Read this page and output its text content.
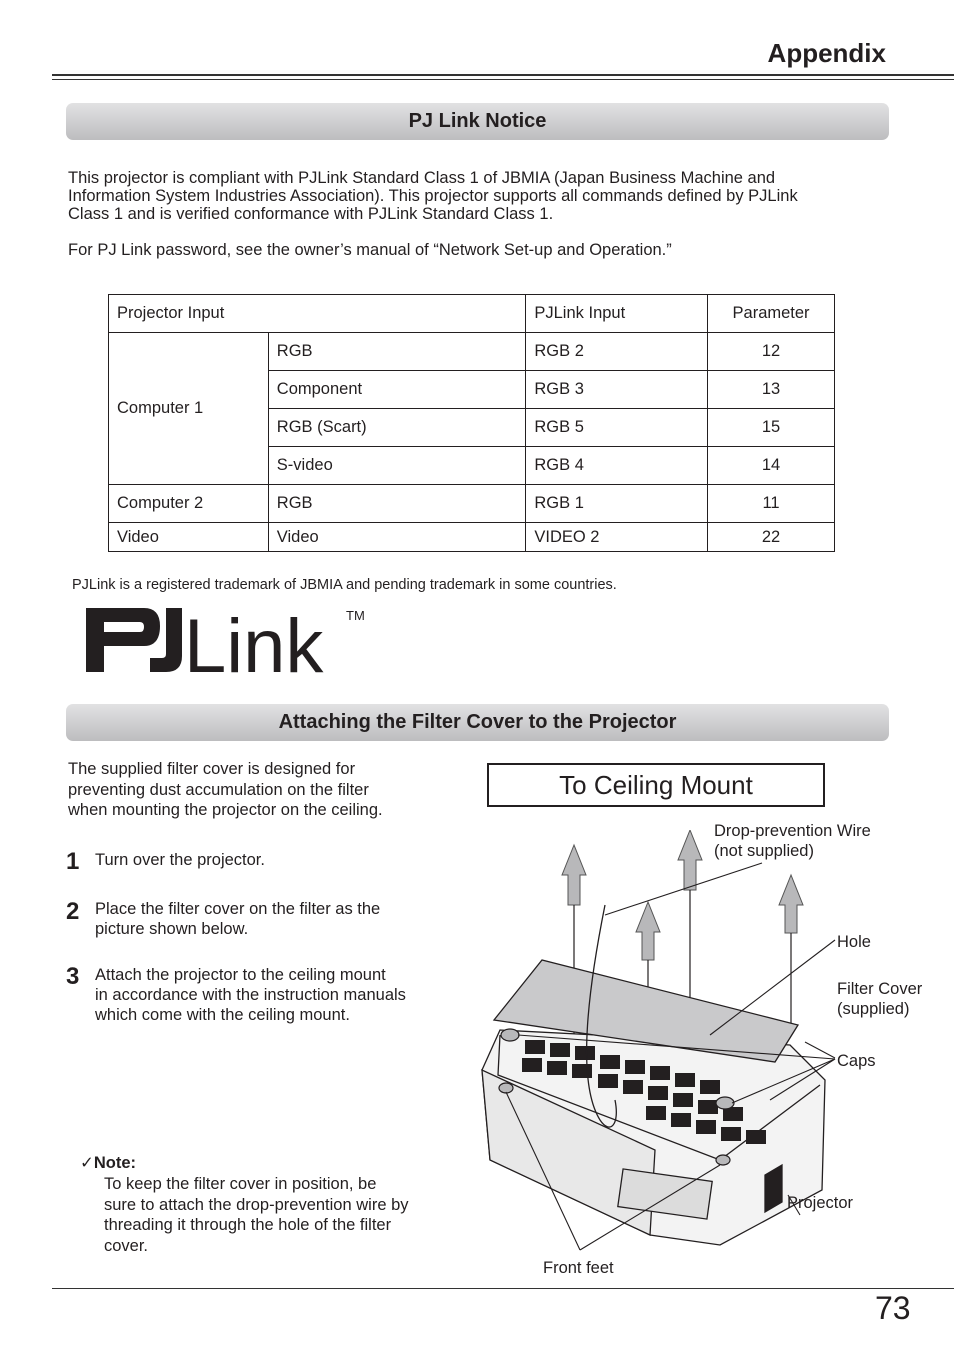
Appendix
PJ Link Notice
This projector is compliant with PJLink Standard Class 1 of JBMIA (Japan Business Machine and
Information System Industries Association). This projector supports all commands defined by PJLink
Class 1 and is verified conformance with PJLink Standard Class 1.
For PJ Link password, see the owner’s manual of “Network Set-up and Operation.”
Projector Input		PJLink Input	Parameter
Computer 1	RGB	RGB 2	12
	Component	RGB 3	13
	RGB (Scart)	RGB 5	15
	S-video	RGB 4	14
Computer 2	RGB	RGB 1	11
Video	Video	VIDEO 2	22
PJLink is a registered trademark of JBMIA and pending trademark in some countries.
Link TM
Attaching the Filter Cover to the Projector
The supplied filter cover is designed for
preventing dust accumulation on the filter
when mounting the projector on the ceiling.
1 Turn over the projector.
2 Place the filter cover on the filter as the
picture shown below.
3 Attach the projector to the ceiling mount
in accordance with the instruction manuals
which come with the ceiling mount.
✓Note:
To keep the filter cover in position, be
sure to attach the drop-prevention wire by
threading it through the hole of the filter
cover.
To Ceiling Mount
Drop-prevention Wire
(not supplied)
Hole
Filter Cover
(supplied)
Caps
Projector
Front feet
73
